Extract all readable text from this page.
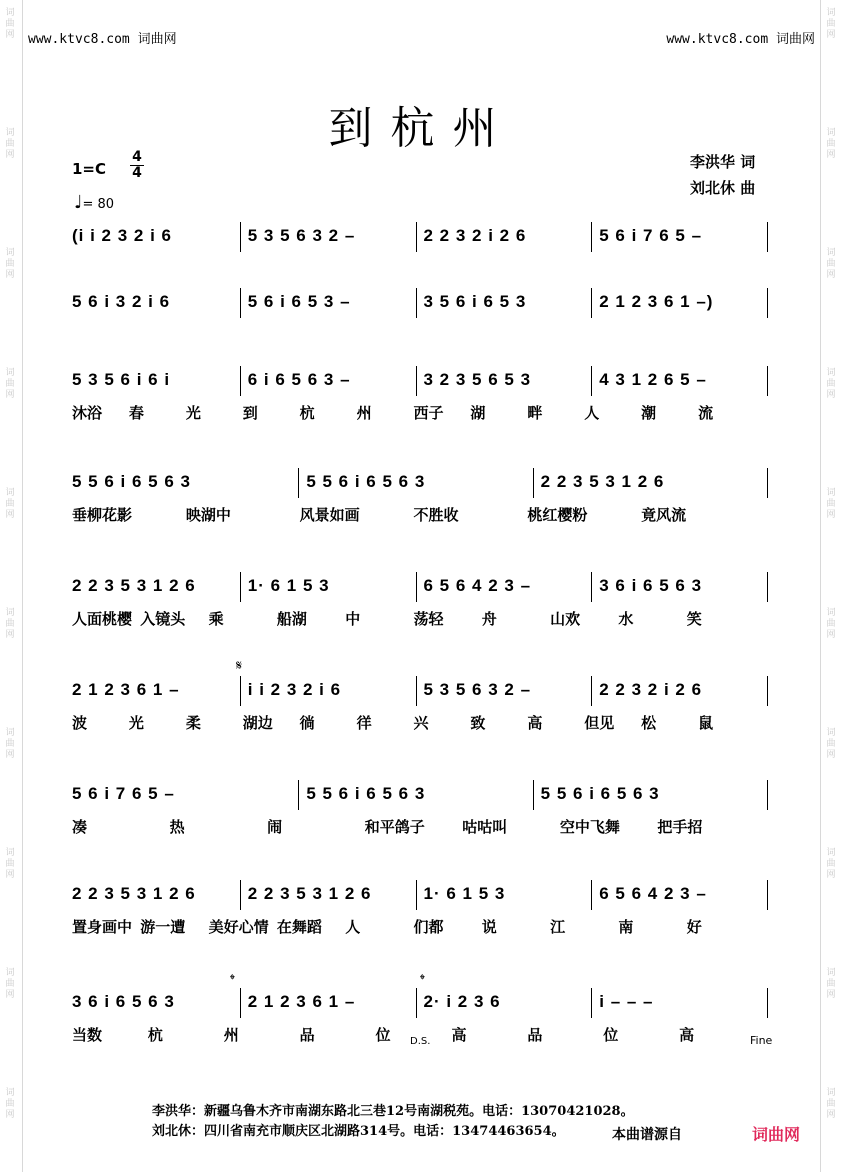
词曲网
词曲网
词曲网
词曲网
词曲网
词曲网
词曲网
词曲网
词曲网
词曲网
词曲网
词曲网
词曲网
词曲网
词曲网
词曲网
词曲网
词曲网
词曲网
词曲网
www.ktvc8.com 词曲网	www.ktvc8.com 词曲网
到杭州
1=C
4
4
♩= 80
李洪华 词
刘北休 曲
(i i 2 3 2 i 6	5 3 5 6 3 2 –	2 2 3 2 i 2 6	5 6 i 7 6 5 –
5 6 i 3 2 i 6	5 6 i 6 5 3 –	3 5 6 i 6 5 3	2 1 2 3 6 1 –)
5 3 5 6 i 6 i	6 i 6 5 6 3 –	3 2 3 5 6 5 3	4 3 1 2 6 5 –
沐浴 春	光	到	杭	州	西子 湖	畔	人	潮	流
5 5 6 i 6 5 6 3	5 5 6 i 6 5 6 3	2 2 3 5 3 1 2 6
垂柳花影	映湖中	风景如画	不胜收	桃红樱粉	竟风流
2 2 3 5 3 1 2 6	1· 6 1 5 3	6 5 6 4 2 3 –	3 6 i 6 5 6 3
人面桃樱 入镜头 乘	船湖	中	荡轻	舟	山欢	水	笑
2 1 2 3 6 1 –	i i 2 3 2 i 6	5 3 5 6 3 2 –	2 2 3 2 i 2 6
波	光	柔	湖边 徜	徉	兴	致	高	但见 松	鼠
5 6 i 7 6 5 –	5 5 6 i 6 5 6 3	5 5 6 i 6 5 6 3
凑	热	闹	和平鸽子	咕咕叫	空中飞舞	把手招
2 2 3 5 3 1 2 6	2 2 3 5 3 1 2 6	1· 6 1 5 3	6 5 6 4 2 3 –
置身画中 游一遭 美好心情 在舞蹈 人	们都	说	江	南	好
3 6 i 6 5 6 3	2 1 2 3 6 1 –	2· i 2 3 6	i – – –
当数	杭	州	品	位	高	品	位	高
𝄋
𝄌	𝄌
D.S.	Fine
李洪华：新疆乌鲁木齐市南湖东路北三巷12号南湖税苑。电话：13070421028。
刘北休：四川省南充市顺庆区北湖路314号。电话：13474463654。	本曲谱源自	词曲网
